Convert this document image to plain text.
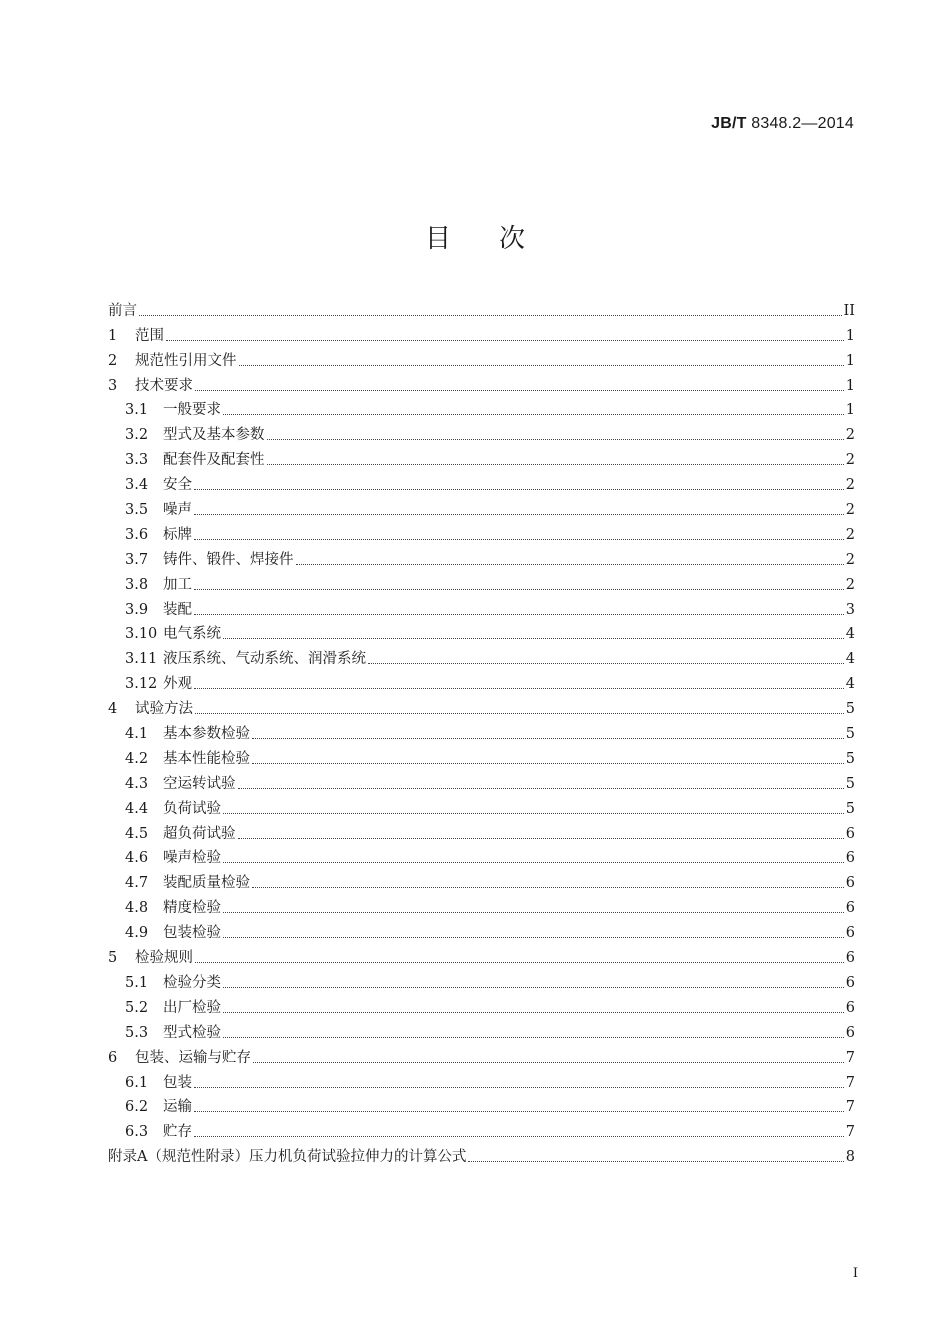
JB/T 8348.2—2014
目 次
前言	II
1	范围	1
2	规范性引用文件	1
3	技术要求	1
3.1	一般要求	1
3.2	型式及基本参数	2
3.3	配套件及配套性	2
3.4	安全	2
3.5	噪声	2
3.6	标牌	2
3.7	铸件、锻件、焊接件	2
3.8	加工	2
3.9	装配	3
3.10 电气系统	4
3.11 液压系统、气动系统、润滑系统	4
3.12 外观	4
4	试验方法	5
4.1	基本参数检验	5
4.2	基本性能检验	5
4.3	空运转试验	5
4.4	负荷试验	5
4.5	超负荷试验	6
4.6	噪声检验	6
4.7	装配质量检验	6
4.8	精度检验	6
4.9	包装检验	6
5	检验规则	6
5.1	检验分类	6
5.2	出厂检验	6
5.3	型式检验	6
6	包装、运输与贮存	7
6.1	包装	7
6.2	运输	7
6.3	贮存	7
附录A（规范性附录）压力机负荷试验拉伸力的计算公式	8
I
